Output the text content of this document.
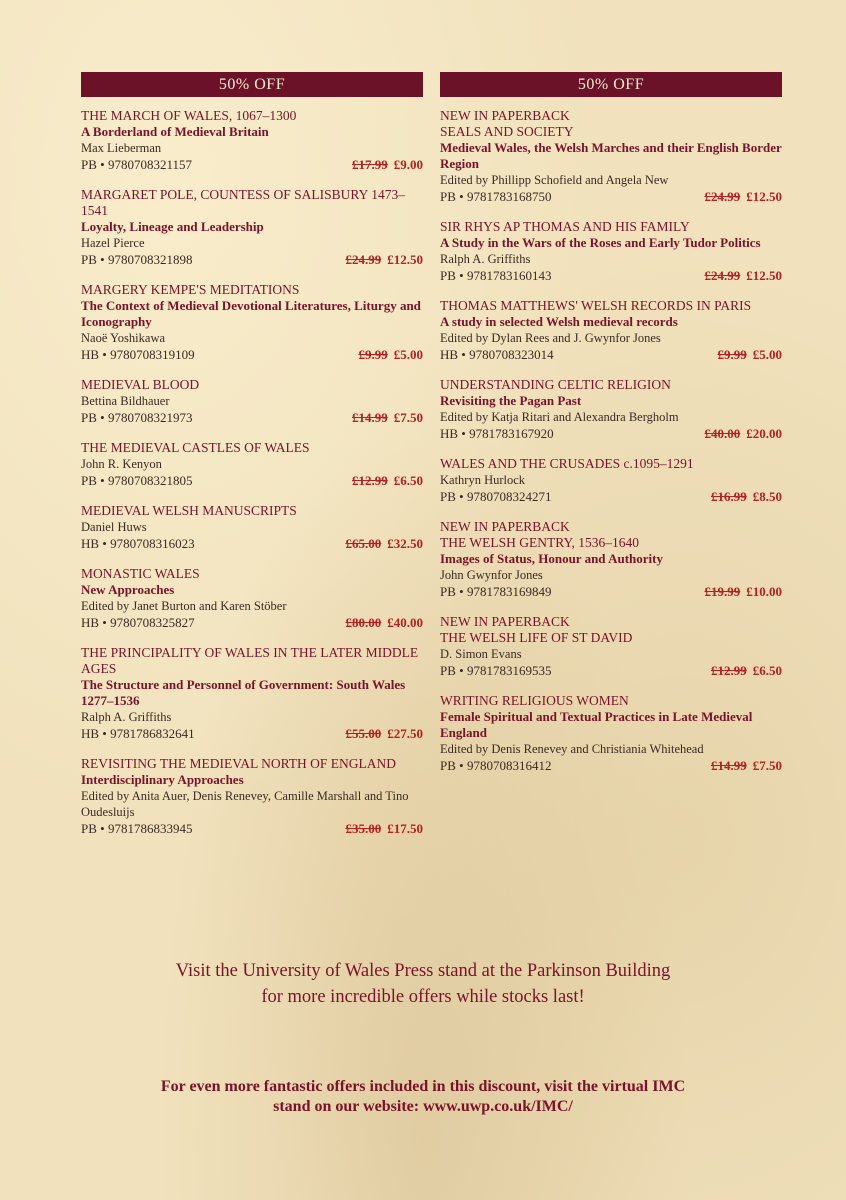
50% OFF
THE MARCH OF WALES, 1067–1300
A Borderland of Medieval Britain
Max Lieberman
PB • 9780708321157	£17.99 £9.00
MARGARET POLE, COUNTESS OF SALISBURY 1473–1541
Loyalty, Lineage and Leadership
Hazel Pierce
PB • 9780708321898	£24.99 £12.50
MARGERY KEMPE'S MEDITATIONS
The Context of Medieval Devotional Literatures, Liturgy and Iconography
Naoë Yoshikawa
HB • 9780708319109	£9.99 £5.00
MEDIEVAL BLOOD
Bettina Bildhauer
PB • 9780708321973	£14.99 £7.50
THE MEDIEVAL CASTLES OF WALES
John R. Kenyon
PB • 9780708321805	£12.99 £6.50
MEDIEVAL WELSH MANUSCRIPTS
Daniel Huws
HB • 9780708316023	£65.00 £32.50
MONASTIC WALES
New Approaches
Edited by Janet Burton and Karen Stöber
HB • 9780708325827	£80.00 £40.00
THE PRINCIPALITY OF WALES IN THE LATER MIDDLE AGES
The Structure and Personnel of Government: South Wales 1277–1536
Ralph A. Griffiths
HB • 9781786832641	£55.00 £27.50
REVISITING THE MEDIEVAL NORTH OF ENGLAND
Interdisciplinary Approaches
Edited by Anita Auer, Denis Renevey, Camille Marshall and Tino Oudesluijs
PB • 9781786833945	£35.00 £17.50
50% OFF
NEW IN PAPERBACK
SEALS AND SOCIETY
Medieval Wales, the Welsh Marches and their English Border Region
Edited by Phillipp Schofield and Angela New
PB • 9781783168750	£24.99 £12.50
SIR RHYS AP THOMAS AND HIS FAMILY
A Study in the Wars of the Roses and Early Tudor Politics
Ralph A. Griffiths
PB • 9781783160143	£24.99 £12.50
THOMAS MATTHEWS' WELSH RECORDS IN PARIS
A study in selected Welsh medieval records
Edited by Dylan Rees and J. Gwynfor Jones
HB • 9780708323014	£9.99 £5.00
UNDERSTANDING CELTIC RELIGION
Revisiting the Pagan Past
Edited by Katja Ritari and Alexandra Bergholm
HB • 9781783167920	£40.00 £20.00
WALES AND THE CRUSADES c.1095–1291
Kathryn Hurlock
PB • 9780708324271	£16.99 £8.50
NEW IN PAPERBACK
THE WELSH GENTRY, 1536–1640
Images of Status, Honour and Authority
John Gwynfor Jones
PB • 9781783169849	£19.99 £10.00
NEW IN PAPERBACK
THE WELSH LIFE OF ST DAVID
D. Simon Evans
PB • 9781783169535	£12.99 £6.50
WRITING RELIGIOUS WOMEN
Female Spiritual and Textual Practices in Late Medieval England
Edited by Denis Renevey and Christiania Whitehead
PB • 9780708316412	£14.99 £7.50
Visit the University of Wales Press stand at the Parkinson Building
for more incredible offers while stocks last!
For even more fantastic offers included in this discount, visit the virtual IMC
stand on our website: www.uwp.co.uk/IMC/
